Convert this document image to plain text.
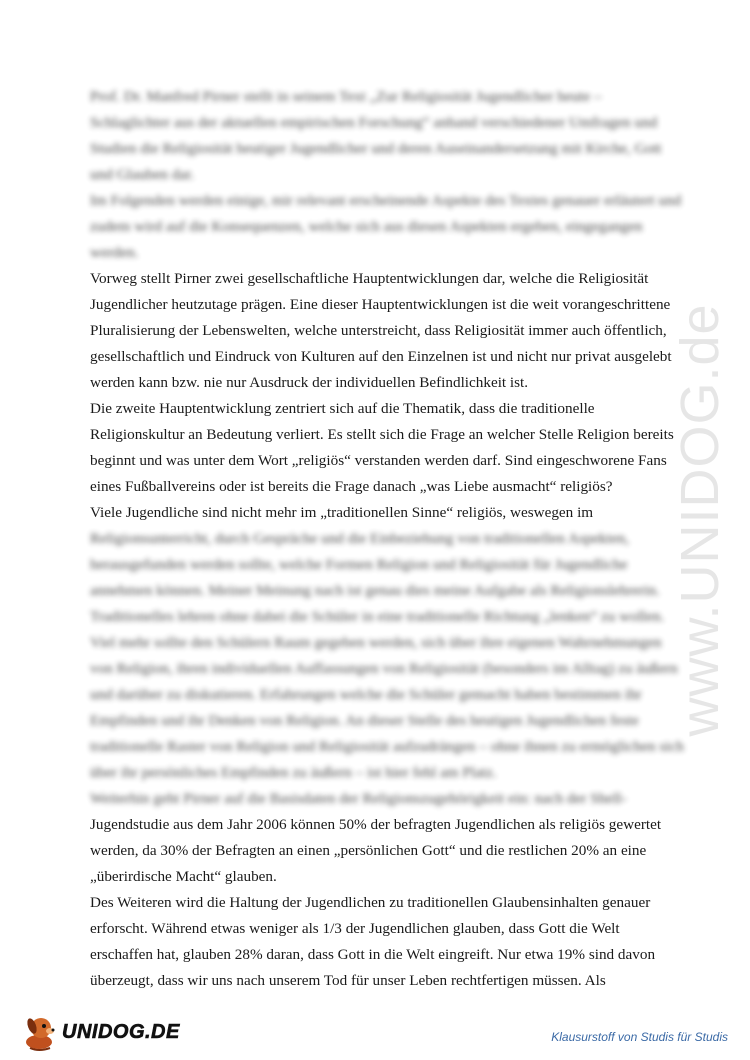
www.UNIDOG.de
Prof. Dr. Manfred Pirner stellt in seinem Text „Zur Religiosität Jugendlicher heute –
Schlaglichter aus der aktuellen empirischen Forschung“ anhand verschiedener Umfragen und
Studien die Religiosität heutiger Jugendlicher und deren Auseinandersetzung mit Kirche, Gott
und Glauben dar.
Im Folgenden werden einige, mir relevant erscheinende Aspekte des Textes genauer erläutert und
zudem wird auf die Konsequenzen, welche sich aus diesen Aspekten ergeben, eingegangen
werden.
Vorweg stellt Pirner zwei gesellschaftliche Hauptentwicklungen dar, welche die Religiosität
Jugendlicher heutzutage prägen. Eine dieser Hauptentwicklungen ist die weit vorangeschrittene
Pluralisierung der Lebenswelten, welche unterstreicht, dass Religiosität immer auch öffentlich,
gesellschaftlich und Eindruck von Kulturen auf den Einzelnen ist und nicht nur privat ausgelebt
werden kann bzw. nie nur Ausdruck der individuellen Befindlichkeit ist.
Die zweite Hauptentwicklung zentriert sich auf die Thematik, dass die traditionelle
Religionskultur an Bedeutung verliert. Es stellt sich die Frage an welcher Stelle Religion bereits
beginnt und was unter dem Wort „religiös“ verstanden werden darf. Sind eingeschworene Fans
eines Fußballvereins oder ist bereits die Frage danach „was Liebe ausmacht“ religiös?
Viele Jugendliche sind nicht mehr im „traditionellen Sinne“ religiös, weswegen im
Religionsunterricht, durch Gespräche und die Einbeziehung von traditionellen Aspekten,
herausgefunden werden sollte, welche Formen Religion und Religiosität für Jugendliche
annehmen können. Meiner Meinung nach ist genau dies meine Aufgabe als Religionslehrerin.
Traditionelles lehren ohne dabei die Schüler in eine traditionelle Richtung „lenken“ zu wollen.
Viel mehr sollte den Schülern Raum gegeben werden, sich über ihre eigenen Wahrnehmungen
von Religion, ihren individuellen Auffassungen von Religiosität (besonders im Alltag) zu äußern
und darüber zu diskutieren. Erfahrungen welche die Schüler gemacht haben bestimmen ihr
Empfinden und ihr Denken von Religion. An dieser Stelle des heutigen Jugendlichen feste
traditionelle Raster von Religion und Religiosität aufzudrängen – ohne ihnen zu ermöglichen sich
über ihr persönliches Empfinden zu äußern – ist hier fehl am Platz.
Weiterhin geht Pirner auf die Basisdaten der Religionszugehörigkeit ein: nach der Shell-
Jugendstudie aus dem Jahr 2006 können 50% der befragten Jugendlichen als religiös gewertet
werden, da 30% der Befragten an einen „persönlichen Gott“ und die restlichen 20% an eine
„überirdische Macht“ glauben.
Des Weiteren wird die Haltung der Jugendlichen zu traditionellen Glaubensinhalten genauer
erforscht. Während etwas weniger als 1/3 der Jugendlichen glauben, dass Gott die Welt
erschaffen hat, glauben 28% daran, dass Gott in die Welt eingreift. Nur etwa 19% sind davon
überzeugt, dass wir uns nach unserem Tod für unser Leben rechtfertigen müssen. Als
UNIDOG.DE	Klausurstoff von Studis für Studis
